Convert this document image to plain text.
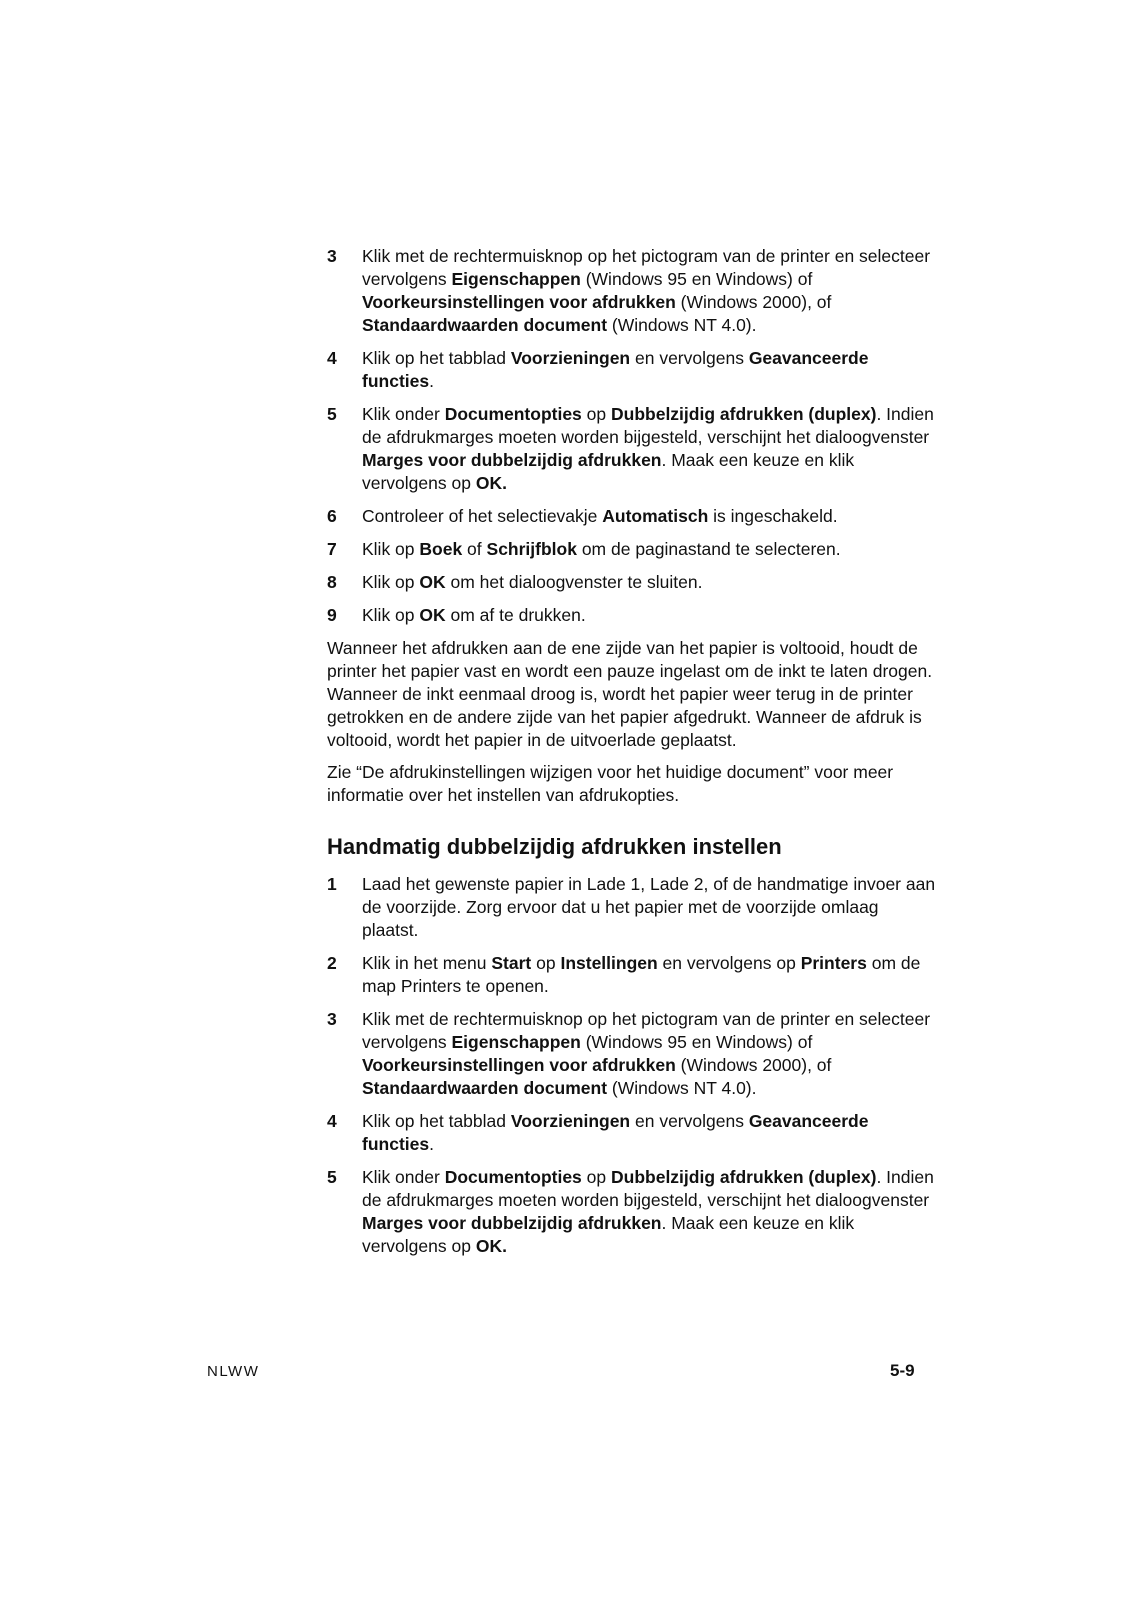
3	Klik met de rechtermuisknop op het pictogram van de printer en selecteer vervolgens Eigenschappen (Windows 95 en Windows) of Voorkeursinstellingen voor afdrukken (Windows 2000), of Standaardwaarden document (Windows NT 4.0).
4	Klik op het tabblad Voorzieningen en vervolgens Geavanceerde functies.
5	Klik onder Documentopties op Dubbelzijdig afdrukken (duplex). Indien de afdrukmarges moeten worden bijgesteld, verschijnt het dialoogvenster Marges voor dubbelzijdig afdrukken. Maak een keuze en klik vervolgens op OK.
6	Controleer of het selectievakje Automatisch is ingeschakeld.
7	Klik op Boek of Schrijfblok om de paginastand te selecteren.
8	Klik op OK om het dialoogvenster te sluiten.
9	Klik op OK om af te drukken.

Wanneer het afdrukken aan de ene zijde van het papier is voltooid, houdt de printer het papier vast en wordt een pauze ingelast om de inkt te laten drogen. Wanneer de inkt eenmaal droog is, wordt het papier weer terug in de printer getrokken en de andere zijde van het papier afgedrukt. Wanneer de afdruk is voltooid, wordt het papier in de uitvoerlade geplaatst.

Zie “De afdrukinstellingen wijzigen voor het huidige document” voor meer informatie over het instellen van afdrukopties.

Handmatig dubbelzijdig afdrukken instellen
1	Laad het gewenste papier in Lade 1, Lade 2, of de handmatige invoer aan de voorzijde. Zorg ervoor dat u het papier met de voorzijde omlaag plaatst.
2	Klik in het menu Start op Instellingen en vervolgens op Printers om de map Printers te openen.
3	Klik met de rechtermuisknop op het pictogram van de printer en selecteer vervolgens Eigenschappen (Windows 95 en Windows) of Voorkeursinstellingen voor afdrukken (Windows 2000), of Standaardwaarden document (Windows NT 4.0).
4	Klik op het tabblad Voorzieningen en vervolgens Geavanceerde functies.
5	Klik onder Documentopties op Dubbelzijdig afdrukken (duplex). Indien de afdrukmarges moeten worden bijgesteld, verschijnt het dialoogvenster Marges voor dubbelzijdig afdrukken. Maak een keuze en klik vervolgens op OK.
NLWW	5-9
